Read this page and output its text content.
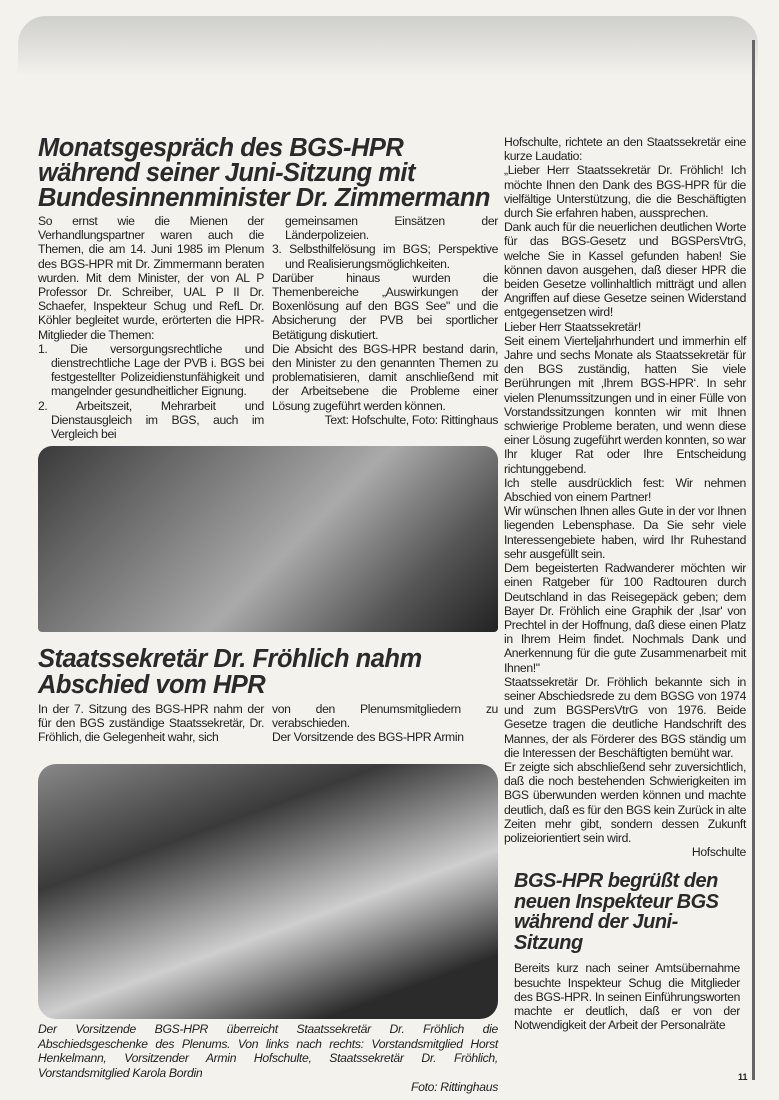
Monatsgespräch des BGS-HPR während seiner Juni-Sitzung mit Bundesinnenminister Dr. Zimmermann

So ernst wie die Mienen der Verhandlungspartner waren auch die Themen, die am 14. Juni 1985 im Plenum des BGS-HPR mit Dr. Zimmermann beraten wurden. Mit dem Minister, der von AL P Professor Dr. Schreiber, UAL P II Dr. Schaefer, Inspekteur Schug und RefL Dr. Köhler begleitet wurde, erörterten die HPR-Mitglieder die Themen:

1. Die versorgungsrechtliche und dienstrechtliche Lage der PVB i. BGS bei festgestellter Polizeidienstunfähigkeit und mangelnder gesundheitlicher Eignung.

2. Arbeitszeit, Mehrarbeit und Dienstausgleich im BGS, auch im Vergleich bei

gemeinsamen Einsätzen der Länderpolizeien.

3. Selbsthilfelösung im BGS; Perspektive und Realisierungsmöglichkeiten.

Darüber hinaus wurden die Themenbereiche „Auswirkungen der Boxenlösung auf den BGS See" und die Absicherung der PVB bei sportlicher Betätigung diskutiert.

Die Absicht des BGS-HPR bestand darin, den Minister zu den genannten Themen zu problematisieren, damit anschließend mit der Arbeitsebene die Probleme einer Lösung zugeführt werden können.

Text: Hofschulte, Foto: Rittinghaus

Staatssekretär Dr. Fröhlich nahm Abschied vom HPR

In der 7. Sitzung des BGS-HPR nahm der für den BGS zuständige Staatssekretär, Dr. Fröhlich, die Gelegenheit wahr, sich

von den Plenumsmitgliedern zu verabschieden.

Der Vorsitzende des BGS-HPR Armin

Der Vorsitzende BGS-HPR überreicht Staatssekretär Dr. Fröhlich die Abschiedsgeschenke des Plenums. Von links nach rechts: Vorstandsmitglied Horst Henkelmann, Vorsitzender Armin Hofschulte, Staatssekretär Dr. Fröhlich, Vorstandsmitglied Karola Bordin

Foto: Rittinghaus

Hofschulte, richtete an den Staatssekretär eine kurze Laudatio:

„Lieber Herr Staatssekretär Dr. Fröhlich! Ich möchte Ihnen den Dank des BGS-HPR für die vielfältige Unterstützung, die die Beschäftigten durch Sie erfahren haben, aussprechen.

Dank auch für die neuerlichen deutlichen Worte für das BGS-Gesetz und BGSPersVtrG, welche Sie in Kassel gefunden haben! Sie können davon ausgehen, daß dieser HPR die beiden Gesetze vollinhaltlich mitträgt und allen Angriffen auf diese Gesetze seinen Widerstand entgegensetzen wird!

Lieber Herr Staatssekretär!

Seit einem Vierteljahrhundert und immerhin elf Jahre und sechs Monate als Staatssekretär für den BGS zuständig, hatten Sie viele Berührungen mit ‚Ihrem BGS-HPR‘. In sehr vielen Plenumssitzungen und in einer Fülle von Vorstandssitzungen konnten wir mit Ihnen schwierige Probleme beraten, und wenn diese einer Lösung zugeführt werden konnten, so war Ihr kluger Rat oder Ihre Entscheidung richtunggebend.

Ich stelle ausdrücklich fest: Wir nehmen Abschied von einem Partner!

Wir wünschen Ihnen alles Gute in der vor Ihnen liegenden Lebensphase. Da Sie sehr viele Interessengebiete haben, wird Ihr Ruhestand sehr ausgefüllt sein.

Dem begeisterten Radwanderer möchten wir einen Ratgeber für 100 Radtouren durch Deutschland in das Reisegepäck geben; dem Bayer Dr. Fröhlich eine Graphik der ‚Isar' von Prechtel in der Hoffnung, daß diese einen Platz in Ihrem Heim findet. Nochmals Dank und Anerkennung für die gute Zusammenarbeit mit Ihnen!"

Staatssekretär Dr. Fröhlich bekannte sich in seiner Abschiedsrede zu dem BGSG von 1974 und zum BGSPersVtrG von 1976. Beide Gesetze tragen die deutliche Handschrift des Mannes, der als Förderer des BGS ständig um die Interessen der Beschäftigten bemüht war.

Er zeigte sich abschließend sehr zuversichtlich, daß die noch bestehenden Schwierigkeiten im BGS überwunden werden können und machte deutlich, daß es für den BGS kein Zurück in alte Zeiten mehr gibt, sondern dessen Zukunft polizeiorientiert sein wird.

Hofschulte

BGS-HPR begrüßt den neuen Inspekteur BGS während der Juni-Sitzung

Bereits kurz nach seiner Amtsübernahme besuchte Inspekteur Schug die Mitglieder des BGS-HPR. In seinen Einführungsworten machte er deutlich, daß er von der Notwendigkeit der Arbeit der Personalräte

11
